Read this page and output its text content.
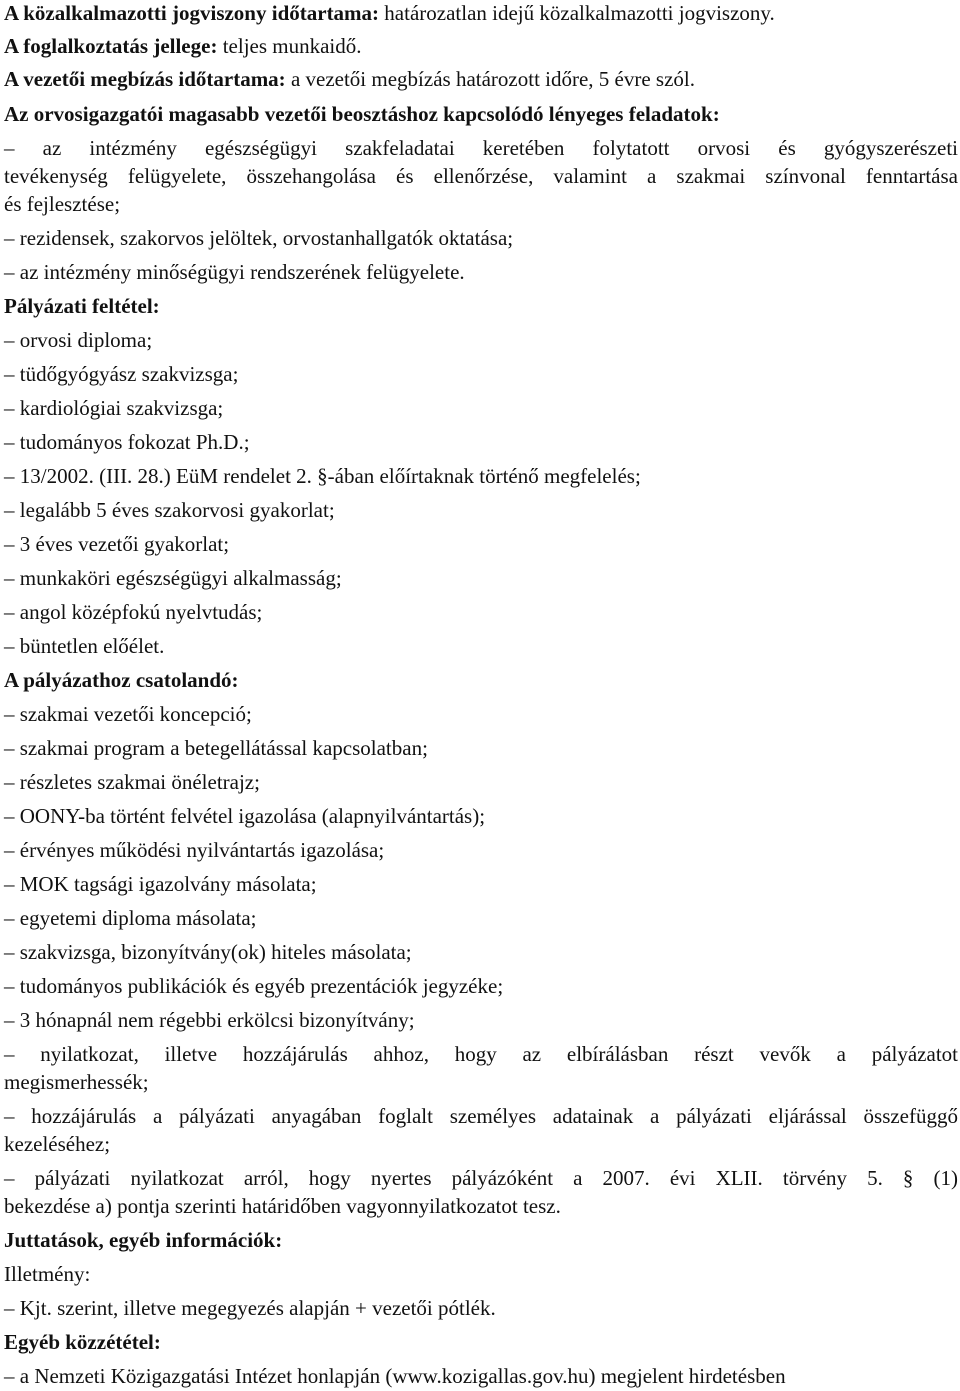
A közalkalmazotti jogviszony időtartama: határozatlan idejű közalkalmazotti jogviszony.
A foglalkoztatás jellege: teljes munkaidő.
A vezetői megbízás időtartama: a vezetői megbízás határozott időre, 5 évre szól.
Az orvosigazgatói magasabb vezetői beosztáshoz kapcsolódó lényeges feladatok:
– az intézmény egészségügyi szakfeladatai keretében folytatott orvosi és gyógyszerészeti
tevékenység felügyelete, összehangolása és ellenőrzése, valamint a szakmai színvonal fenntartása
és fejlesztése;
– rezidensek, szakorvos jelöltek, orvostanhallgatók oktatása;
– az intézmény minőségügyi rendszerének felügyelete.
Pályázati feltétel:
– orvosi diploma;
– tüdőgyógyász szakvizsga;
– kardiológiai szakvizsga;
– tudományos fokozat Ph.D.;
– 13/2002. (III. 28.) EüM rendelet 2. §-ában előírtaknak történő megfelelés;
– legalább 5 éves szakorvosi gyakorlat;
– 3 éves vezetői gyakorlat;
– munkaköri egészségügyi alkalmasság;
– angol középfokú nyelvtudás;
– büntetlen előélet.
A pályázathoz csatolandó:
– szakmai vezetői koncepció;
– szakmai program a betegellátással kapcsolatban;
– részletes szakmai önéletrajz;
– OONY-ba történt felvétel igazolása (alapnyilvántartás);
– érvényes működési nyilvántartás igazolása;
– MOK tagsági igazolvány másolata;
– egyetemi diploma másolata;
– szakvizsga, bizonyítvány(ok) hiteles másolata;
– tudományos publikációk és egyéb prezentációk jegyzéke;
– 3 hónapnál nem régebbi erkölcsi bizonyítvány;
– nyilatkozat, illetve hozzájárulás ahhoz, hogy az elbírálásban részt vevők a pályázatot
megismerhessék;
– hozzájárulás a pályázati anyagában foglalt személyes adatainak a pályázati eljárással összefüggő
kezeléséhez;
– pályázati nyilatkozat arról, hogy nyertes pályázóként a 2007. évi XLII. törvény 5. § (1)
bekezdése a) pontja szerinti határidőben vagyonnyilatkozatot tesz.
Juttatások, egyéb információk:
Illetmény:
– Kjt. szerint, illetve megegyezés alapján + vezetői pótlék.
Egyéb közzététel:
– a Nemzeti Közigazgatási Intézet honlapján (www.kozigallas.gov.hu) megjelent hirdetésben
